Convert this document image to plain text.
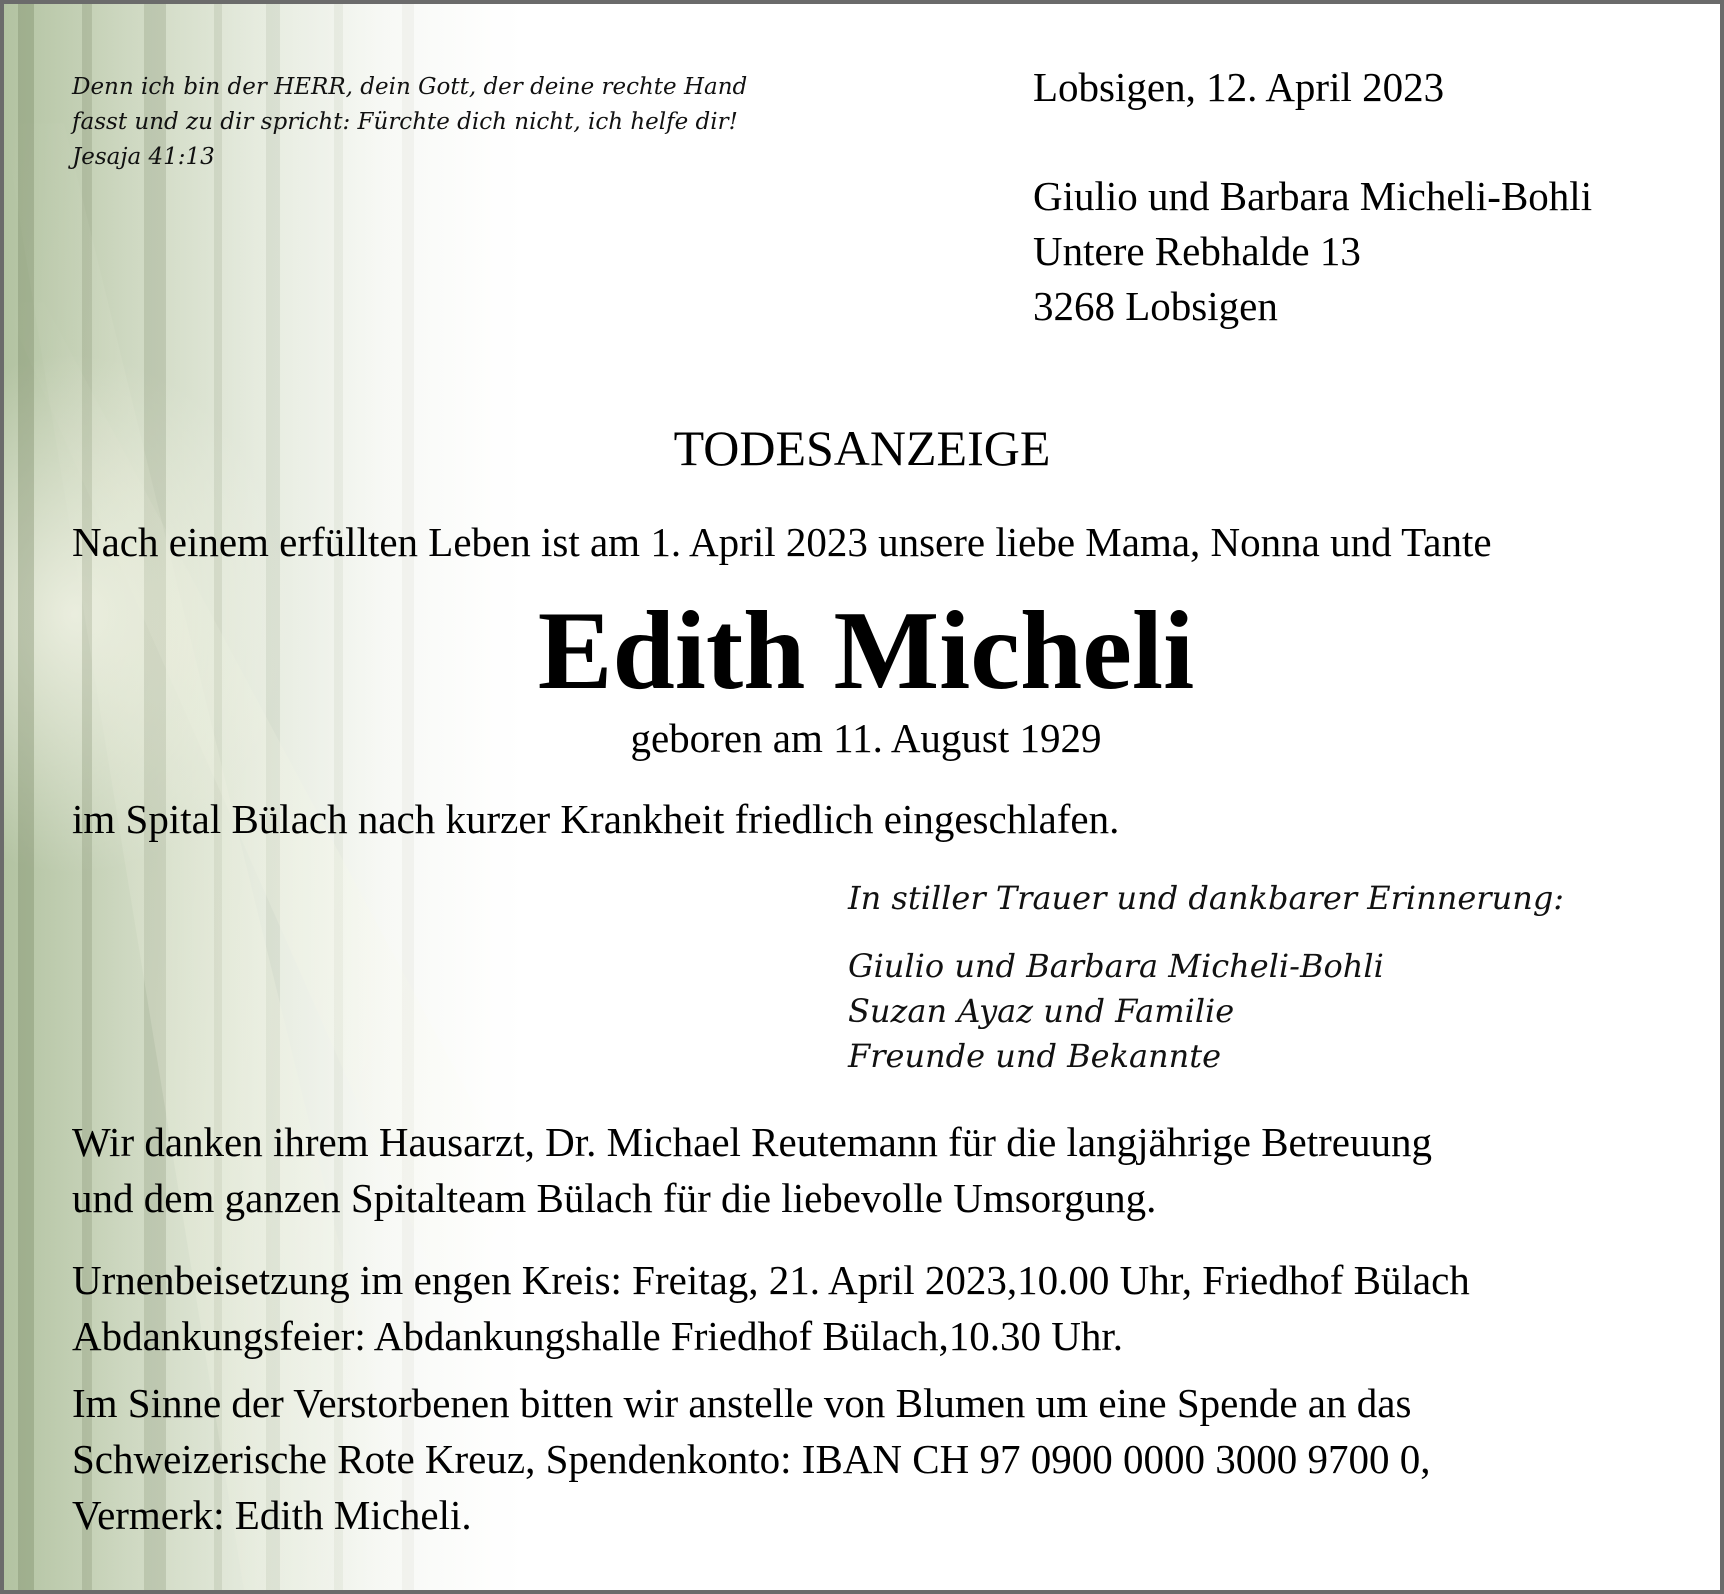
Denn ich bin der HERR, dein Gott, der deine rechte Hand
fasst und zu dir spricht: Fürchte dich nicht, ich helfe dir!
Jesaja 41:13
Lobsigen, 12. April 2023
Giulio und Barbara Micheli-Bohli
Untere Rebhalde 13
3268 Lobsigen
TODESANZEIGE
Nach einem erfüllten Leben ist am 1. April 2023 unsere liebe Mama, Nonna und Tante
Edith Micheli
geboren am 11. August 1929
im Spital Bülach nach kurzer Krankheit friedlich eingeschlafen.
In stiller Trauer und dankbarer Erinnerung:
Giulio und Barbara Micheli-Bohli
Suzan Ayaz und Familie
Freunde und Bekannte
Wir danken ihrem Hausarzt, Dr. Michael Reutemann für die langjährige Betreuung
und dem ganzen Spitalteam Bülach für die liebevolle Umsorgung.
Urnenbeisetzung im engen Kreis: Freitag, 21. April 2023,10.00 Uhr, Friedhof Bülach
Abdankungsfeier: Abdankungshalle Friedhof Bülach,10.30 Uhr.
Im Sinne der Verstorbenen bitten wir anstelle von Blumen um eine Spende an das
Schweizerische Rote Kreuz, Spendenkonto: IBAN CH 97 0900 0000 3000 9700 0,
Vermerk: Edith Micheli.
